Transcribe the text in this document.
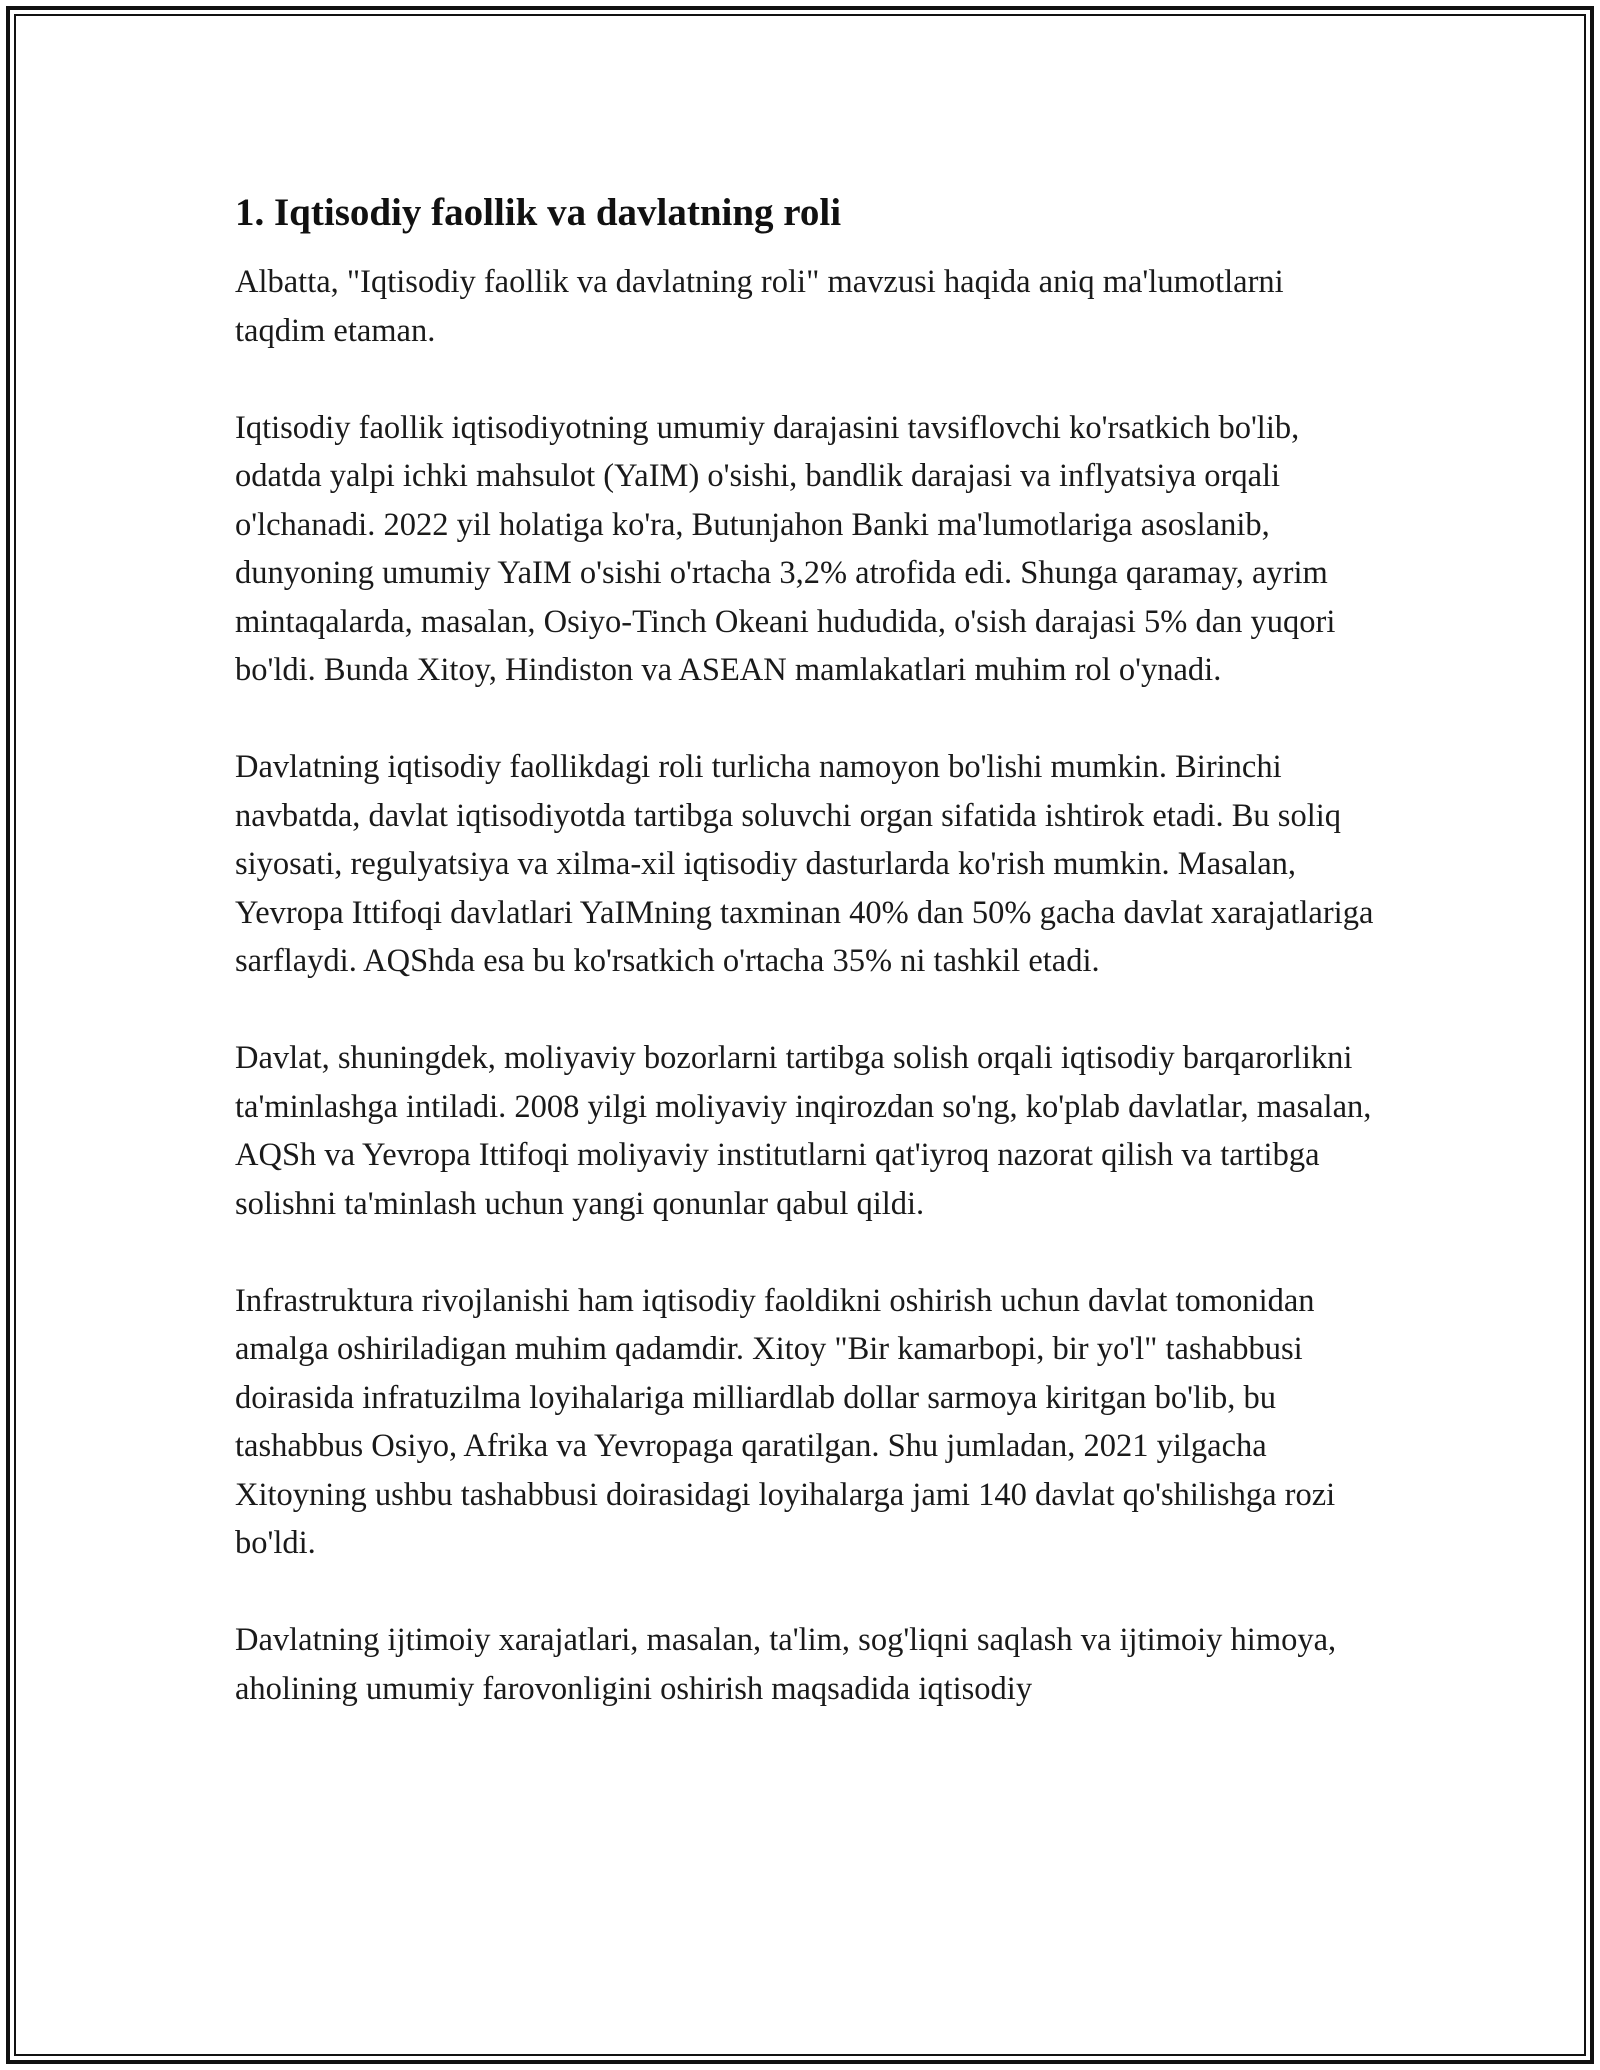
1. Iqtisodiy faollik va davlatning roli

Albatta, "Iqtisodiy faollik va davlatning roli" mavzusi haqida aniq ma'lumotlarni taqdim etaman.

Iqtisodiy faollik iqtisodiyotning umumiy darajasini tavsiflovchi ko'rsatkich bo'lib, odatda yalpi ichki mahsulot (YaIM) o'sishi, bandlik darajasi va inflyatsiya orqali o'lchanadi. 2022 yil holatiga ko'ra, Butunjahon Banki ma'lumotlariga asoslanib, dunyoning umumiy YaIM o'sishi o'rtacha 3,2% atrofida edi. Shunga qaramay, ayrim mintaqalarda, masalan, Osiyo-Tinch Okeani hududida, o'sish darajasi 5% dan yuqori bo'ldi. Bunda Xitoy, Hindiston va ASEAN mamlakatlari muhim rol o'ynadi.

Davlatning iqtisodiy faollikdagi roli turlicha namoyon bo'lishi mumkin. Birinchi navbatda, davlat iqtisodiyotda tartibga soluvchi organ sifatida ishtirok etadi. Bu soliq siyosati, regulyatsiya va xilma-xil iqtisodiy dasturlarda ko'rish mumkin. Masalan, Yevropa Ittifoqi davlatlari YaIMning taxminan 40% dan 50% gacha davlat xarajatlariga sarflaydi. AQShda esa bu ko'rsatkich o'rtacha 35% ni tashkil etadi.

Davlat, shuningdek, moliyaviy bozorlarni tartibga solish orqali iqtisodiy barqarorlikni ta'minlashga intiladi. 2008 yilgi moliyaviy inqirozdan so'ng, ko'plab davlatlar, masalan, AQSh va Yevropa Ittifoqi moliyaviy institutlarni qat'iyroq nazorat qilish va tartibga solishni ta'minlash uchun yangi qonunlar qabul qildi.

Infrastruktura rivojlanishi ham iqtisodiy faoldikni oshirish uchun davlat tomonidan amalga oshiriladigan muhim qadamdir. Xitoy "Bir kamarbopi, bir yo'l" tashabbusi doirasida infratuzilma loyihalariga milliardlab dollar sarmoya kiritgan bo'lib, bu tashabbus Osiyo, Afrika va Yevropaga qaratilgan. Shu jumladan, 2021 yilgacha Xitoyning ushbu tashabbusi doirasidagi loyihalarga jami 140 davlat qo'shilishga rozi bo'ldi.

Davlatning ijtimoiy xarajatlari, masalan, ta'lim, sog'liqni saqlash va ijtimoiy himoya, aholining umumiy farovonligini oshirish maqsadida iqtisodiy
